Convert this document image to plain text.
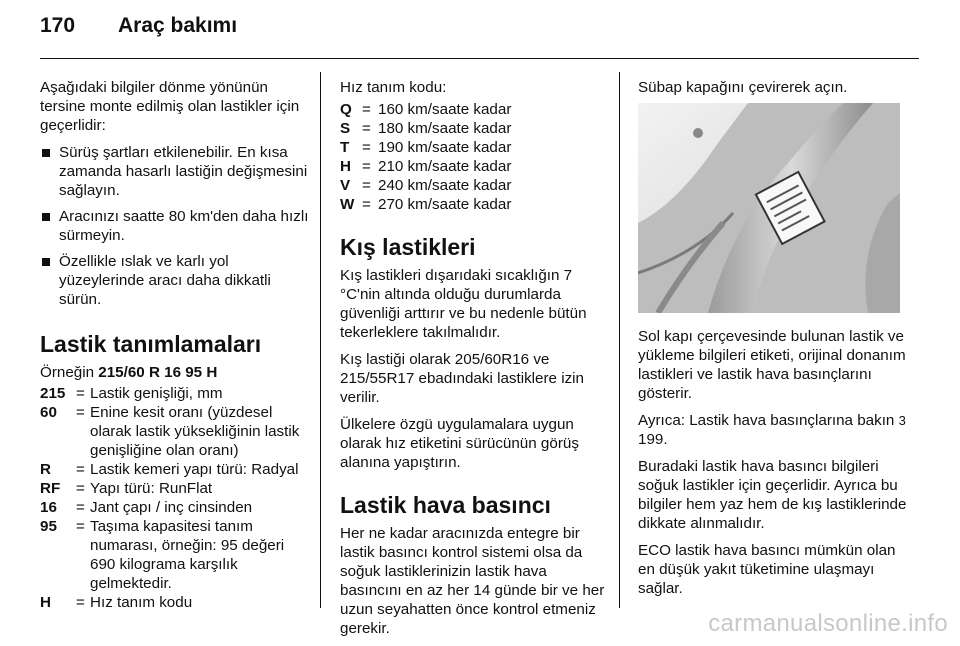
170 Araç bakımı

Aşağıdaki bilgiler dönme yönünün tersine monte edilmiş olan lastikler için geçerlidir:

Sürüş şartları etkilenebilir. En kısa zamanda hasarlı lastiğin değişmesini sağlayın.
Aracınızı saatte 80 km'den daha hızlı sürmeyin.
Özellikle ıslak ve karlı yol yüzeylerinde aracı daha dikkatli sürün.
Lastik tanımlamaları

Örneğin 215/60 R 16 95 H

215 = Lastik genişliği, mm
60	= Enine kesit oranı (yüzdesel olarak lastik yüksekliğinin lastik genişliğine olan oranı)
R	= Lastik kemeri yapı türü: Radyal
RF	= Yapı türü: RunFlat
16	= Jant çapı / inç cinsinden
95	= Taşıma kapasitesi tanım numarası, örneğin: 95 değeri 690 kilograma karşılık gelmektedir.
H	= Hız tanım kodu

Hız tanım kodu:

Q = 160 km/saate kadar
S = 180 km/saate kadar
T = 190 km/saate kadar
H = 210 km/saate kadar
V = 240 km/saate kadar
W = 270 km/saate kadar
Kış lastikleri

Kış lastikleri dışarıdaki sıcaklığın 7 °C'nin altında olduğu durumlarda güvenliği arttırır ve bu nedenle bütün tekerleklere takılmalıdır.

Kış lastiği olarak 205/60R16 ve 215/55R17 ebadındaki lastiklere izin verilir.

Ülkelere özgü uygulamalara uygun olarak hız etiketini sürücünün görüş alanına yapıştırın.

Lastik hava basıncı

Her ne kadar aracınızda entegre bir lastik basıncı kontrol sistemi olsa da soğuk lastiklerinizin lastik hava basıncını en az her 14 günde bir ve her uzun seyahatten önce kontrol etmeniz gerekir.

Sübap kapağını çevirerek açın.

Sol kapı çerçevesinde bulunan lastik ve yükleme bilgileri etiketi, orijinal donanım lastikleri ve lastik hava basınçlarını gösterir.

Ayrıca: Lastik hava basınçlarına bakın 3 199.

Buradaki lastik hava basıncı bilgileri soğuk lastikler için geçerlidir. Ayrıca bu bilgiler hem yaz hem de kış lastiklerinde dikkate alınmalıdır.

ECO lastik hava basıncı mümkün olan en düşük yakıt tüketimine ulaşmayı sağlar.

carmanualsonline.info
